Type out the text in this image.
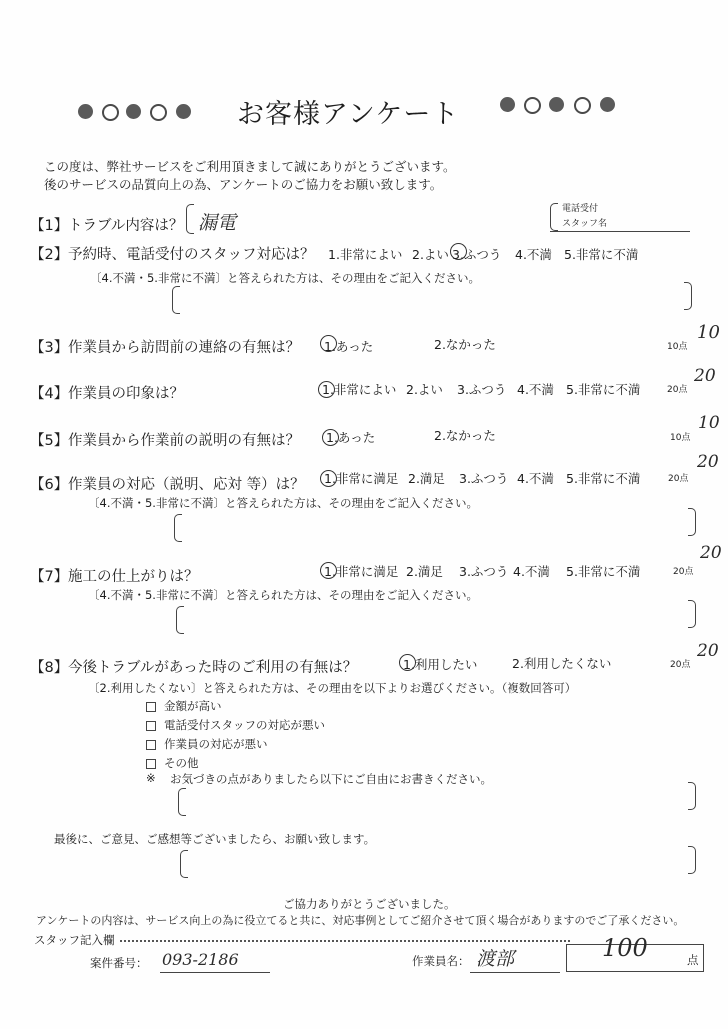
お客様アンケート
この度は、弊社サービスをご利用頂きまして誠にありがとうございます。
後のサービスの品質向上の為、アンケートのご協力をお願い致します。
【1】 トラブル内容は？ 漏電
電話受付
スタッフ名
【2】 予約時、電話受付のスタッフ対応は？ 1.非常によい 2.よい 3.ふつう 4.不満 5.非常に不満
〔4.不満・5.非常に不満〕と答えられた方は、その理由をご記入ください。
【3】 作業員から訪問前の連絡の有無は？ 1.あった	2.なかった	10点
10
【4】 作業員の印象は？	1.非常によい 2.よい 3.ふつう 4.不満 5.非常に不満	20点
20
【5】 作業員から作業前の説明の有無は？ 1.あった	2.なかった	10点
10
【6】 作業員の対応（説明、応対 等）は？ 1.非常に満足 2.満足 3.ふつう 4.不満 5.非常に不満	20点
20
〔4.不満・5.非常に不満〕と答えられた方は、その理由をご記入ください。
【7】 施工の仕上がりは？	1.非常に満足 2.満足 3.ふつう 4.不満 5.非常に不満	20点
20
〔4.不満・5.非常に不満〕と答えられた方は、その理由をご記入ください。
【8】 今後トラブルがあった時のご利用の有無は？	1.利用したい	2.利用したくない	20点
20
〔2.利用したくない〕と答えられた方は、その理由を以下よりお選びください。（複数回答可）
金額が高い
電話受付スタッフの対応が悪い
作業員の対応が悪い
その他
※ お気づきの点がありましたら以下にご自由にお書きください。
最後に、ご意見、ご感想等ございましたら、お願い致します。
ご協力ありがとうございました。
アンケートの内容は、サービス向上の為に役立てると共に、対応事例としてご紹介させて頂く場合がありますのでご了承ください。
スタッフ記入欄
案件番号： 093-2186	作業員名： 渡部	100	点
